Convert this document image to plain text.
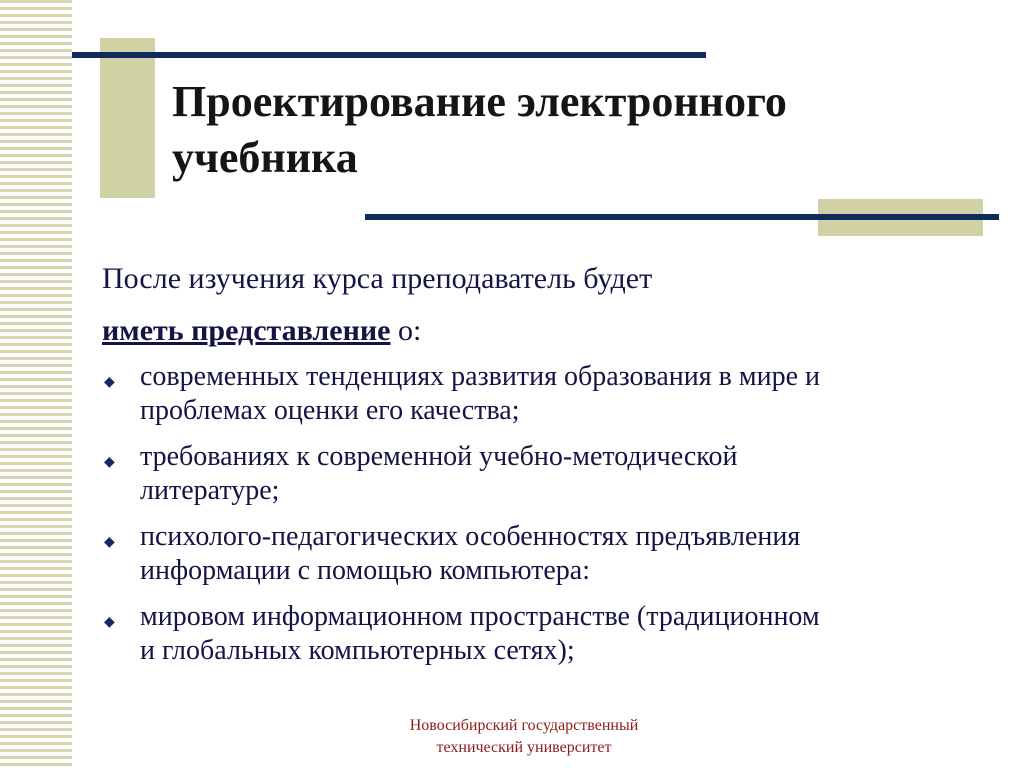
Проектирование электронного
учебника

После изучения курса преподаватель будет

иметь представление о:

◆ современных тенденциях развития образования в мире и
проблемах оценки его качества;
◆ требованиях к современной учебно-методической
литературе;
◆ психолого-педагогических особенностях предъявления
информации с помощью компьютера:
◆ мировом информационном пространстве (традиционном
и глобальных компьютерных сетях);
Новосибирский государственный
технический университет
